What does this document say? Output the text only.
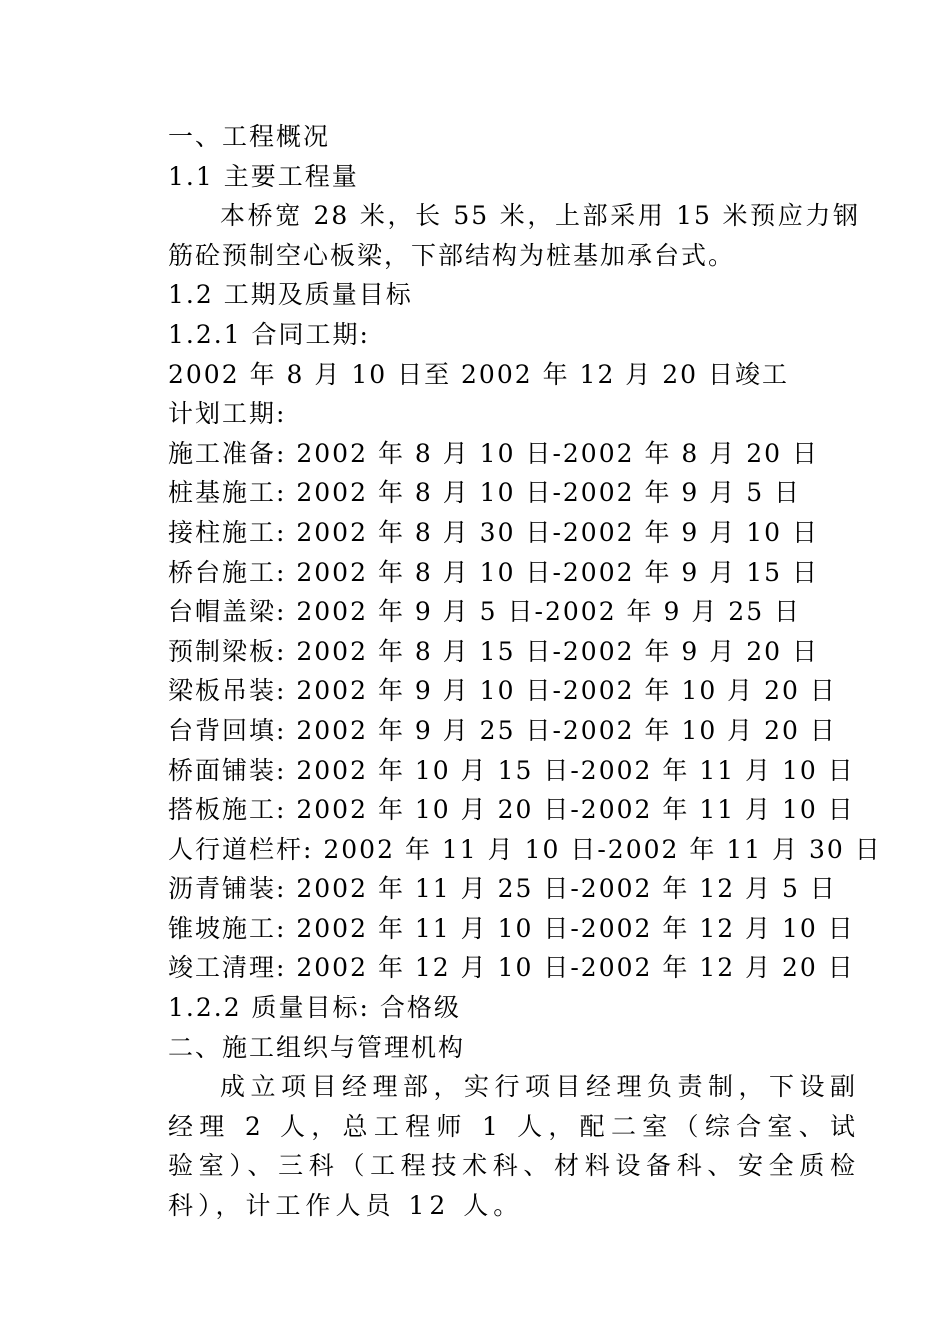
一、工程概况

1.1 主要工程量

本桥宽 28 米，长 55 米，上部采用 15 米预应力钢筋砼预制空心板梁，下部结构为桩基加承台式。

1.2 工期及质量目标

1.2.1 合同工期:

2002 年 8 月 10 日至 2002 年 12 月 20 日竣工

计划工期:

施工准备: 2002 年 8 月 10 日-2002 年 8 月 20 日

桩基施工: 2002 年 8 月 10 日-2002 年 9 月 5 日

接柱施工: 2002 年 8 月 30 日-2002 年 9 月 10 日

桥台施工: 2002 年 8 月 10 日-2002 年 9 月 15 日

台帽盖梁: 2002 年 9 月 5 日-2002 年 9 月 25 日

预制梁板: 2002 年 8 月 15 日-2002 年 9 月 20 日

梁板吊装: 2002 年 9 月 10 日-2002 年 10 月 20 日

台背回填: 2002 年 9 月 25 日-2002 年 10 月 20 日

桥面铺装: 2002 年 10 月 15 日-2002 年 11 月 10 日

搭板施工: 2002 年 10 月 20 日-2002 年 11 月 10 日

人行道栏杆: 2002 年 11 月 10 日-2002 年 11 月 30 日

沥青铺装: 2002 年 11 月 25 日-2002 年 12 月 5 日

锥坡施工: 2002 年 11 月 10 日-2002 年 12 月 10 日

竣工清理: 2002 年 12 月 10 日-2002 年 12 月 20 日

1.2.2 质量目标: 合格级

二、施工组织与管理机构

成立项目经理部，实行项目经理负责制，下设副经理 2 人，总工程师 1 人，配二室（综合室、试验室）、三科（工程技术科、材料设备科、安全质检科），计工作人员 12 人。
